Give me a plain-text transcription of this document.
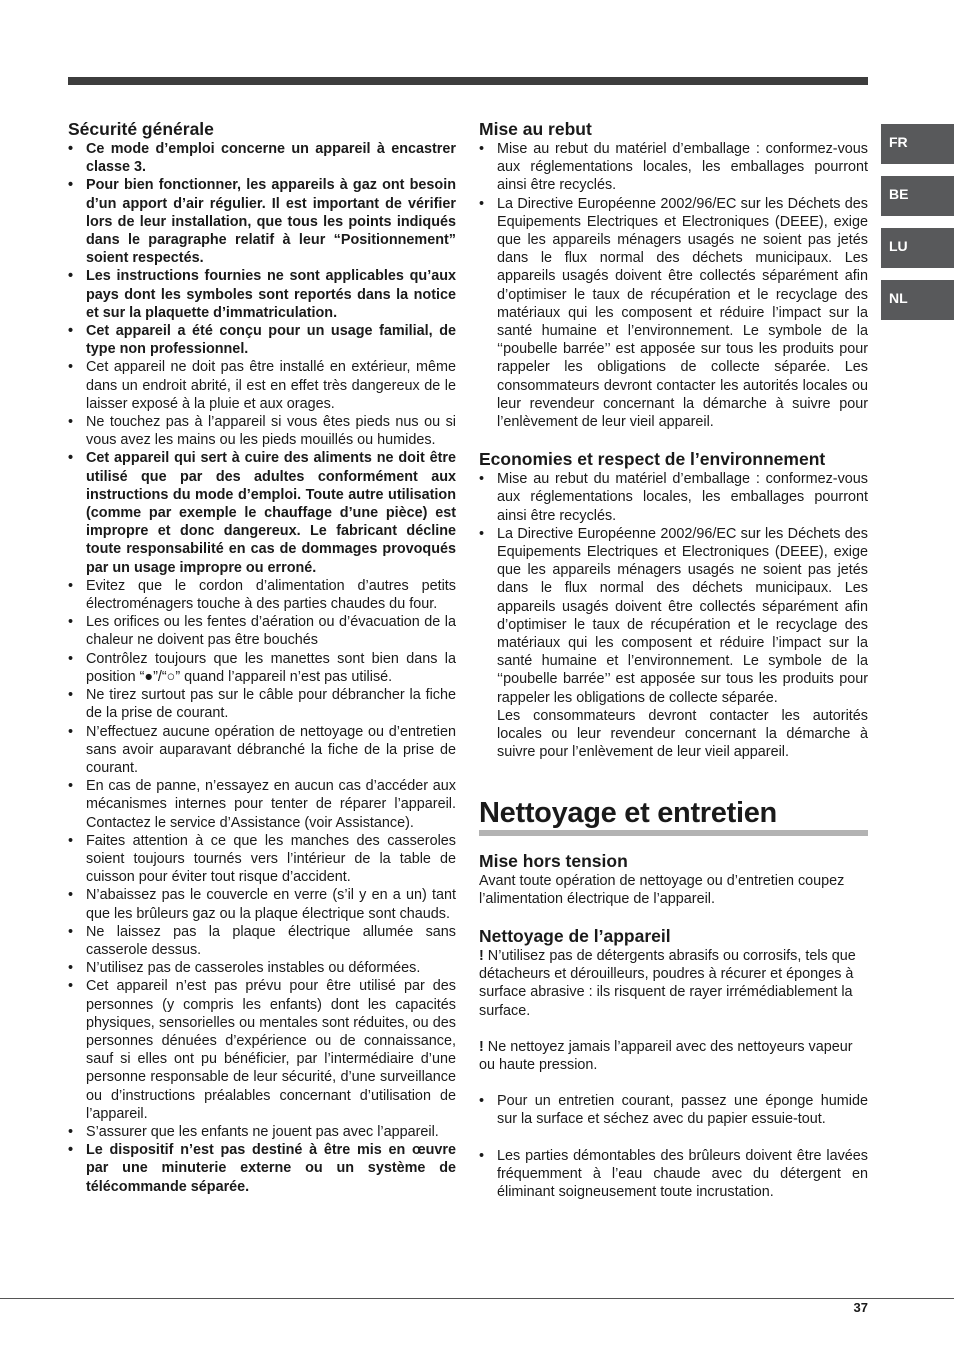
FR
BE
LU
NL
Sécurité générale
• Ce mode d’emploi concerne un appareil à encastrer classe 3.
• Pour bien fonctionner, les appareils à gaz ont besoin d’un apport d’air régulier. Il est important de vérifier lors de leur installation, que tous les points indiqués dans le paragraphe relatif à leur “Positionnement” soient respectés.
• Les instructions fournies ne sont applicables qu’aux pays dont les symboles sont reportés dans la notice et sur la plaquette d’immatriculation.
• Cet appareil a été conçu pour un usage familial, de type non professionnel.
• Cet appareil ne doit pas être installé en extérieur, même dans un endroit abrité, il est en effet très dangereux de le laisser exposé à la pluie et aux orages.
• Ne touchez pas à l’appareil si vous êtes pieds nus ou si vous avez les mains ou les pieds mouillés ou humides.
• Cet appareil qui sert à cuire des aliments ne doit être utilisé que par des adultes conformément aux instructions du mode d’emploi. Toute autre utilisation (comme par exemple le chauffage d’une pièce) est impropre et donc dangereux. Le fabricant décline toute responsabilité en cas de dommages provoqués par un usage impropre ou erroné.
• Evitez que le cordon d’alimentation d’autres petits électroménagers touche à des parties chaudes du four.
• Les orifices ou les fentes d’aération ou d’évacuation de la chaleur ne doivent pas être bouchés
• Contrôlez toujours que les manettes sont bien dans la position “●”/“○” quand l’appareil n’est pas utilisé.
• Ne tirez surtout pas sur le câble pour débrancher la fiche de la prise de courant.
• N’effectuez aucune opération de nettoyage ou d’entretien sans avoir auparavant débranché la fiche de la prise de courant.
• En cas de panne, n’essayez en aucun cas d’accéder aux mécanismes internes pour tenter de réparer l’appareil. Contactez le service d’Assistance (voir Assistance).
• Faites attention à ce que les manches des casseroles soient toujours tournés vers l’intérieur de la table de cuisson pour éviter tout risque d’accident.
• N’abaissez pas le couvercle en verre (s’il y en a un) tant que les brûleurs gaz ou la plaque électrique sont chauds.
• Ne laissez pas la plaque électrique allumée sans casserole dessus.
• N’utilisez pas de casseroles instables ou déformées.
• Cet appareil n’est pas prévu pour être utilisé par des personnes (y compris les enfants) dont les capacités physiques, sensorielles ou mentales sont réduites, ou des personnes dénuées d’expérience ou de connaissance, sauf si elles ont pu bénéficier, par l’intermédiaire d’une personne responsable de leur sécurité, d’une surveillance ou d’instructions préalables concernant d’utilisation de l’appareil.
• S’assurer que les enfants ne jouent pas avec l’appareil.
• Le dispositif n’est pas destiné à être mis en œuvre par une minuterie externe ou un système de télécommande séparée.
Mise au rebut
• Mise au rebut du matériel d’emballage : conformez-vous aux réglementations locales, les emballages pourront ainsi être recyclés.
• La Directive Européenne 2002/96/EC sur les Déchets des Equipements Electriques et Electroniques (DEEE), exige que les appareils ménagers usagés ne soient pas jetés dans le flux normal des déchets municipaux. Les appareils usagés doivent être collectés séparément afin d’optimiser le taux de récupération et le recyclage des matériaux qui les composent et réduire l’impact sur la santé humaine et l’environnement. Le symbole de la ‘‘poubelle barrée’’ est apposée sur tous les produits pour rappeler les obligations de collecte séparée. Les consommateurs devront contacter les autorités locales ou leur revendeur concernant la démarche à suivre pour l’enlèvement de leur vieil appareil.
Economies et respect de l’environnement
• Mise au rebut du matériel d’emballage : conformez-vous aux réglementations locales, les emballages pourront ainsi être recyclés.
• La Directive Européenne 2002/96/EC sur les Déchets des Equipements Electriques et Electroniques (DEEE), exige que les appareils ménagers usagés ne soient pas jetés dans le flux normal des déchets municipaux. Les appareils usagés doivent être collectés séparément afin d’optimiser le taux de récupération et le recyclage des matériaux qui les composent et réduire l’impact sur la santé humaine et l’environnement. Le symbole de la ‘‘poubelle barrée’’ est apposée sur tous les produits pour rappeler les obligations de collecte séparée.

Les consommateurs devront contacter les autorités locales ou leur revendeur concernant la démarche à suivre pour l’enlèvement de leur vieil appareil.

Nettoyage et entretien
Mise hors tension

Avant toute opération de nettoyage ou d’entretien coupez l’alimentation électrique de l’appareil.

Nettoyage de l’appareil

! N’utilisez pas de détergents abrasifs ou corrosifs, tels que détacheurs et dérouilleurs, poudres à récurer et éponges à surface abrasive : ils risquent de rayer irrémédiablement la surface.

! Ne nettoyez jamais l’appareil avec des nettoyeurs vapeur ou haute pression.

• Pour un entretien courant, passez une éponge humide sur la surface et séchez avec du papier essuie-tout.
• Les parties démontables des brûleurs doivent être lavées fréquemment à l’eau chaude avec du détergent en éliminant soigneusement toute incrustation.
37
